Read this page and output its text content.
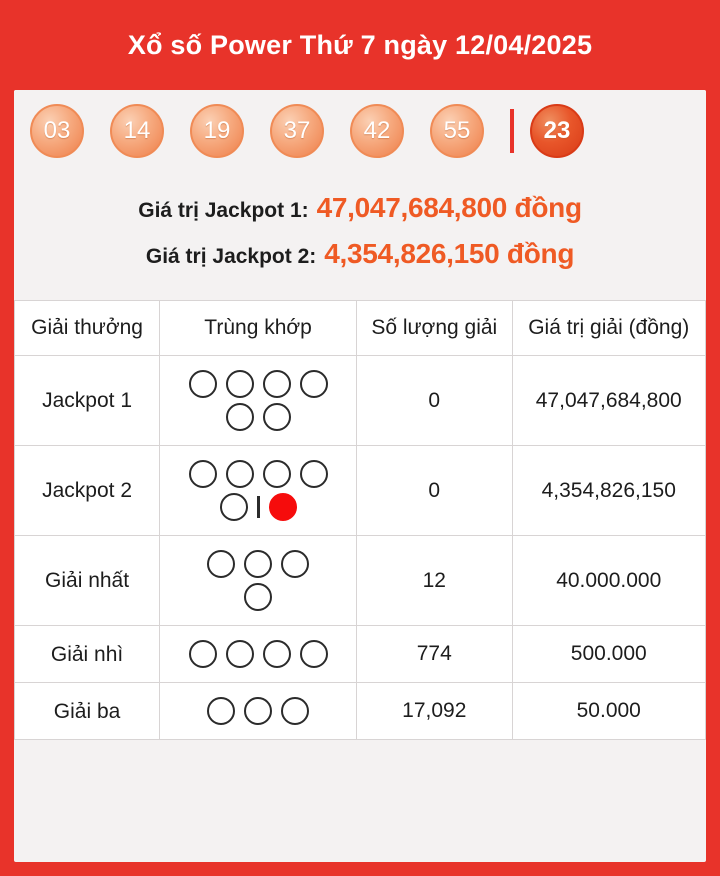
Xổ số Power Thứ 7 ngày 12/04/2025
03	14	19	37	42	55	23
Giá trị Jackpot 1: 47,047,684,800 đồng
Giá trị Jackpot 2: 4,354,826,150 đồng
Giải thưởng	Trùng khớp	Số lượng giải	Giá trị giải (đồng)
Jackpot 1		0	47,047,684,800
Jackpot 2		0	4,354,826,150
Giải nhất		12	40.000.000
Giải nhì		774	500.000
Giải ba		17,092	50.000
